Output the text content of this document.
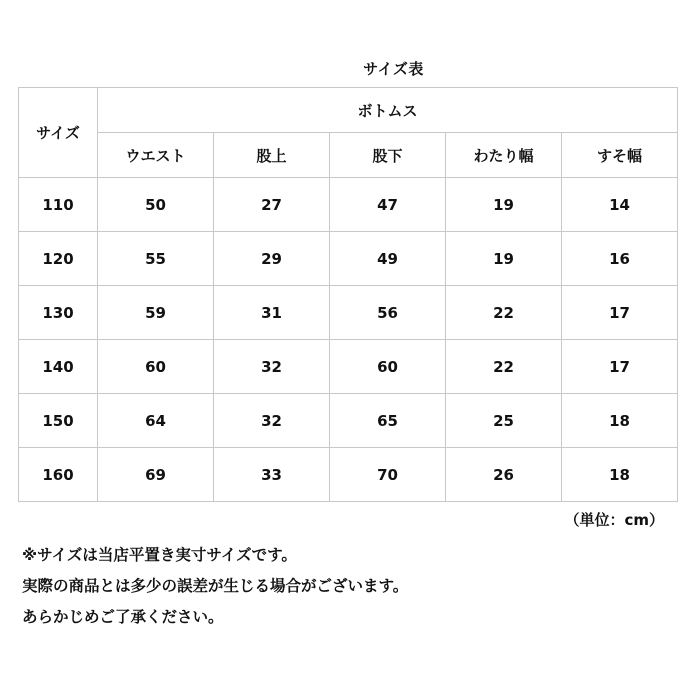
サイズ表
サイズ	ボトムス				
	ウエスト	股上	股下	わたり幅	すそ幅
110	50	27	47	19	14
120	55	29	49	19	16
130	59	31	56	22	17
140	60	32	60	22	17
150	64	32	65	25	18
160	69	33	70	26	18
（単位：cm）
※サイズは当店平置き実寸サイズです。
実際の商品とは多少の誤差が生じる場合がございます。
あらかじめご了承ください。
